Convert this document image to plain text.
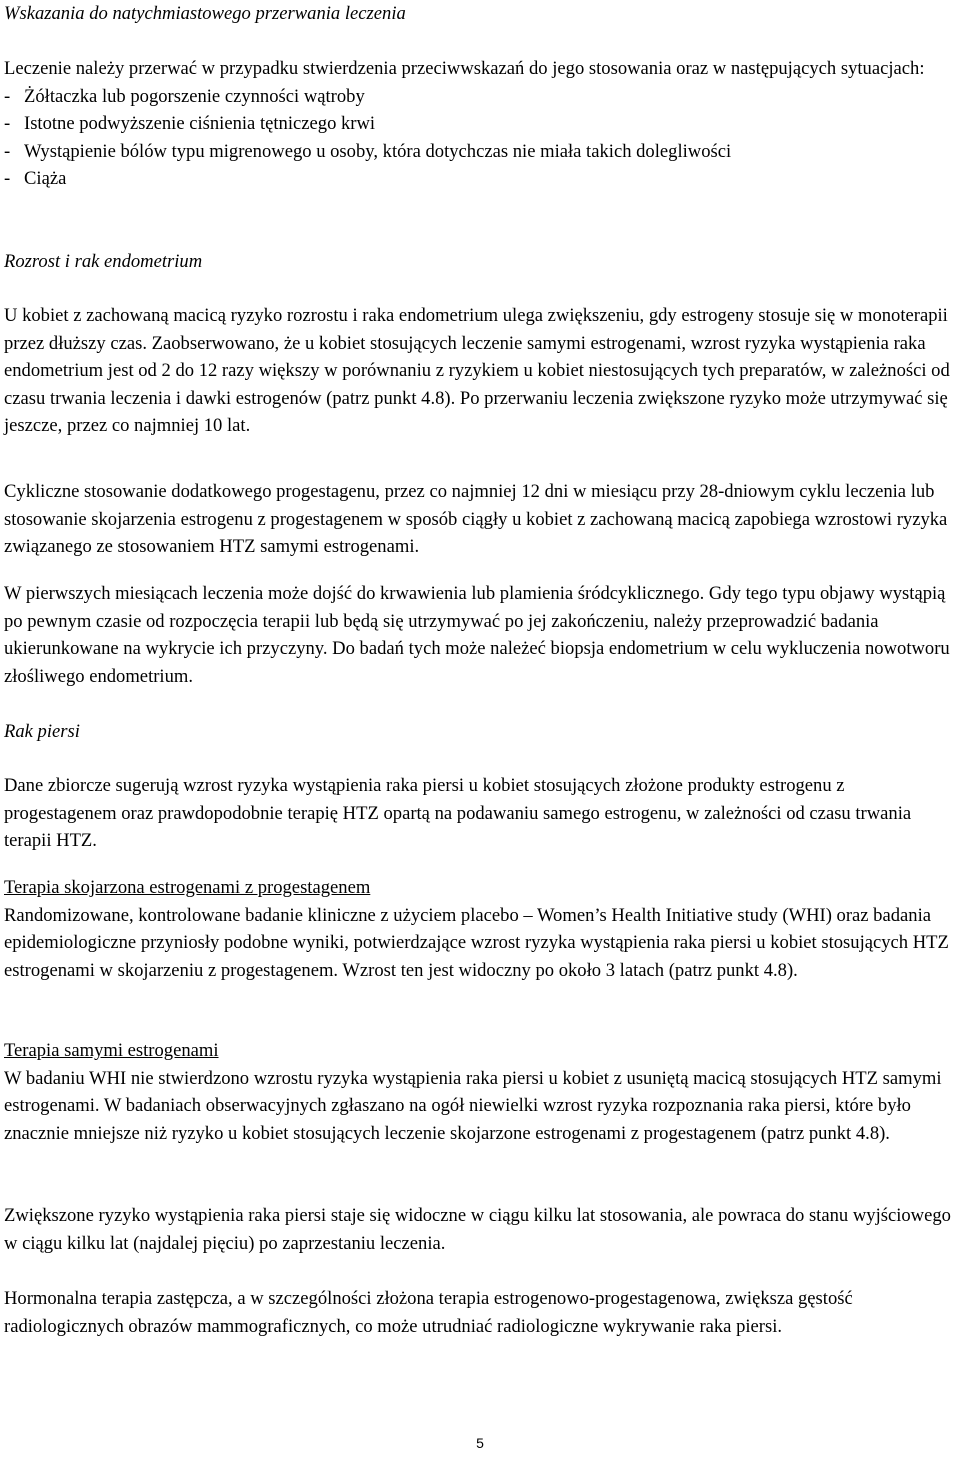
Wskazania do natychmiastowego przerwania leczenia

Leczenie należy przerwać w przypadku stwierdzenia przeciwwskazań do jego stosowania oraz w następujących sytuacjach:

- Żółtaczka lub pogorszenie czynności wątroby
- Istotne podwyższenie ciśnienia tętniczego krwi
- Wystąpienie bólów typu migrenowego u osoby, która dotychczas nie miała takich dolegliwości
- Ciąża

Rozrost i rak endometrium

U kobiet z zachowaną macicą ryzyko rozrostu i raka endometrium ulega zwiększeniu, gdy estrogeny stosuje się w monoterapii przez dłuższy czas. Zaobserwowano, że u kobiet stosujących leczenie samymi estrogenami, wzrost ryzyka wystąpienia raka endometrium jest od 2 do 12 razy większy w porównaniu z ryzykiem u kobiet niestosujących tych preparatów, w zależności od czasu trwania leczenia i dawki estrogenów (patrz punkt 4.8). Po przerwaniu leczenia zwiększone ryzyko może utrzymywać się jeszcze, przez co najmniej 10 lat.

Cykliczne stosowanie dodatkowego progestagenu, przez co najmniej 12 dni w miesiącu przy 28-dniowym cyklu leczenia lub stosowanie skojarzenia estrogenu z progestagenem w sposób ciągły u kobiet z zachowaną macicą zapobiega wzrostowi ryzyka związanego ze stosowaniem HTZ samymi estrogenami.

W pierwszych miesiącach leczenia może dojść do krwawienia lub plamienia śródcyklicznego. Gdy tego typu objawy wystąpią po pewnym czasie od rozpoczęcia terapii lub będą się utrzymywać po jej zakończeniu, należy przeprowadzić badania ukierunkowane na wykrycie ich przyczyny. Do badań tych może należeć biopsja endometrium w celu wykluczenia nowotworu złośliwego endometrium.

Rak piersi

Dane zbiorcze sugerują wzrost ryzyka wystąpienia raka piersi u kobiet stosujących złożone produkty estrogenu z progestagenem oraz prawdopodobnie terapię HTZ opartą na podawaniu samego estrogenu, w zależności od czasu trwania terapii HTZ.

Terapia skojarzona estrogenami z progestagenem

Randomizowane, kontrolowane badanie kliniczne z użyciem placebo – Women’s Health Initiative study (WHI) oraz badania epidemiologiczne przyniosły podobne wyniki, potwierdzające wzrost ryzyka wystąpienia raka piersi u kobiet stosujących HTZ estrogenami w skojarzeniu z progestagenem. Wzrost ten jest widoczny po około 3 latach (patrz punkt 4.8).

Terapia samymi estrogenami

W badaniu WHI nie stwierdzono wzrostu ryzyka wystąpienia raka piersi u kobiet z usuniętą macicą stosujących HTZ samymi estrogenami. W badaniach obserwacyjnych zgłaszano na ogół niewielki wzrost ryzyka rozpoznania raka piersi, które było znacznie mniejsze niż ryzyko u kobiet stosujących leczenie skojarzone estrogenami z progestagenem (patrz punkt 4.8).

Zwiększone ryzyko wystąpienia raka piersi staje się widoczne w ciągu kilku lat stosowania, ale powraca do stanu wyjściowego w ciągu kilku lat (najdalej pięciu) po zaprzestaniu leczenia.

Hormonalna terapia zastępcza, a w szczególności złożona terapia estrogenowo-progestagenowa, zwiększa gęstość radiologicznych obrazów mammograficznych, co może utrudniać radiologiczne wykrywanie raka piersi.

5
